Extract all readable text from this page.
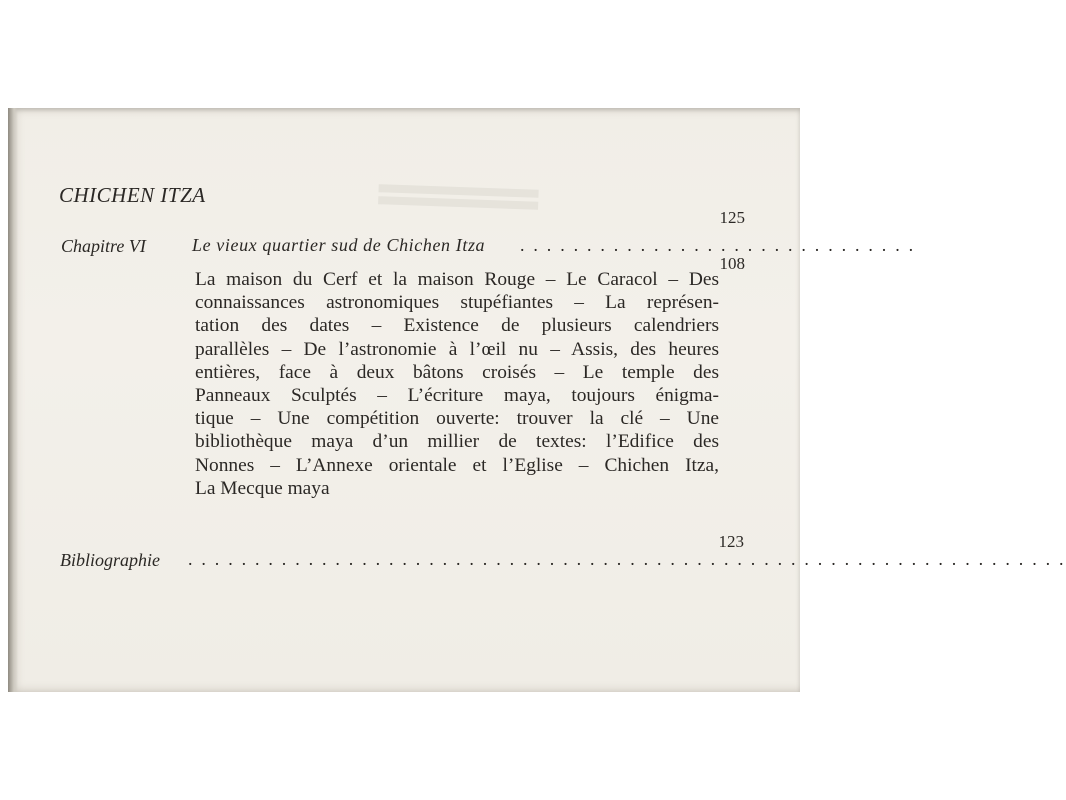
CHICHEN ITZA
125
Chapitre VI	Le vieux quartier sud de Chichen Itza . . . . . . . . . . . . . . . . . . . . . . . . . . . . . .
108
La maison du Cerf et la maison Rouge – Le Caracol – Des
connaissances astronomiques stupéfiantes – La représen-
tation des dates – Existence de plusieurs calendriers
parallèles – De l’astronomie à l’œil nu – Assis, des heures
entières, face à deux bâtons croisés – Le temple des
Panneaux Sculptés – L’écriture maya, toujours énigma-
tique – Une compétition ouverte: trouver la clé – Une
bibliothèque maya d’un millier de textes: l’Edifice des
Nonnes – L’Annexe orientale et l’Eglise – Chichen Itza,
La Mecque maya
Bibliographie . . . . . . . . . . . . . . . . . . . . . . . . . . . . . . . . . . . . . . . . . . . . . . . . . . . . . . . . . . . . . . . . . .
123
